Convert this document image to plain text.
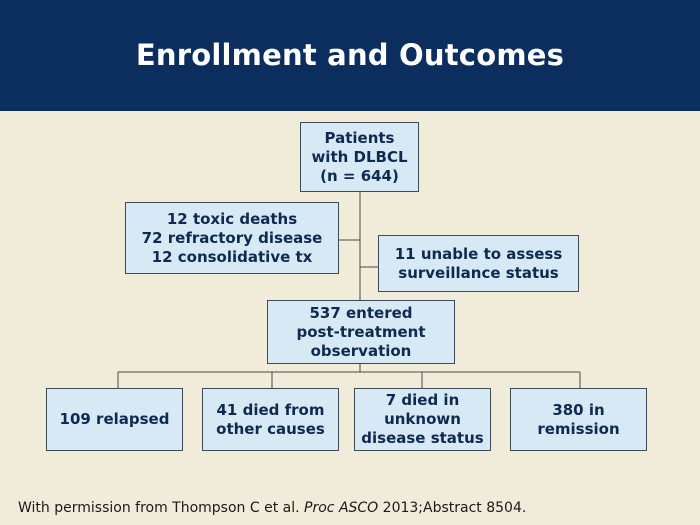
Enrollment and Outcomes
Patients
with DLBCL
(n = 644)
12 toxic deaths
72 refractory disease
12 consolidative tx	11 unable to assess
surveillance status
537 entered
post-treatment
observation
109 relapsed
41 died from
other causes
7 died in
unknown
disease status
380 in
remission
With permission from Thompson C et al. Proc ASCO 2013;Abstract 8504.
